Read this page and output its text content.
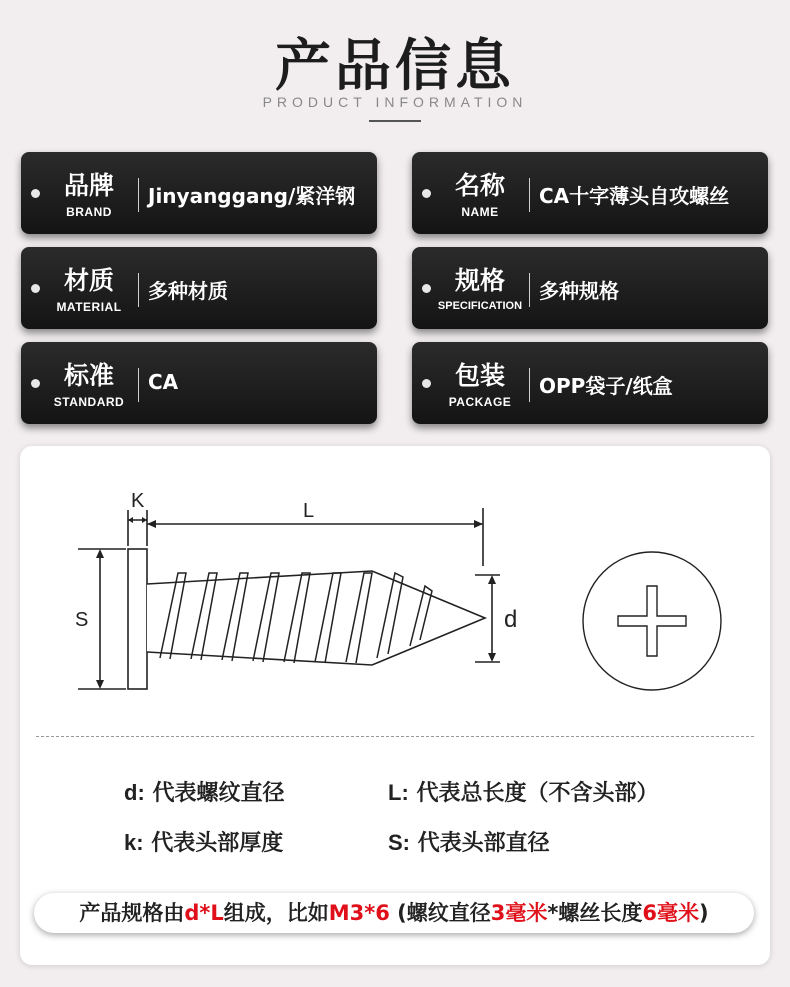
产品信息
PRODUCT INFORMATION
品牌
BRAND
Jinyanggang/紧洋钢	名称
NAME
CA十字薄头自攻螺丝
材质
MATERIAL
多种材质	规格
SPECIFICATION
多种规格
标准
STANDARD
CA	包装
PACKAGE
OPP袋子/纸盒
K	L
S	d
d: 代表螺纹直径	L: 代表总长度（不含头部）
k: 代表头部厚度	S: 代表头部直径
产品规格由d*L组成，比如M3*6 (螺纹直径3毫米*螺丝长度6毫米)
